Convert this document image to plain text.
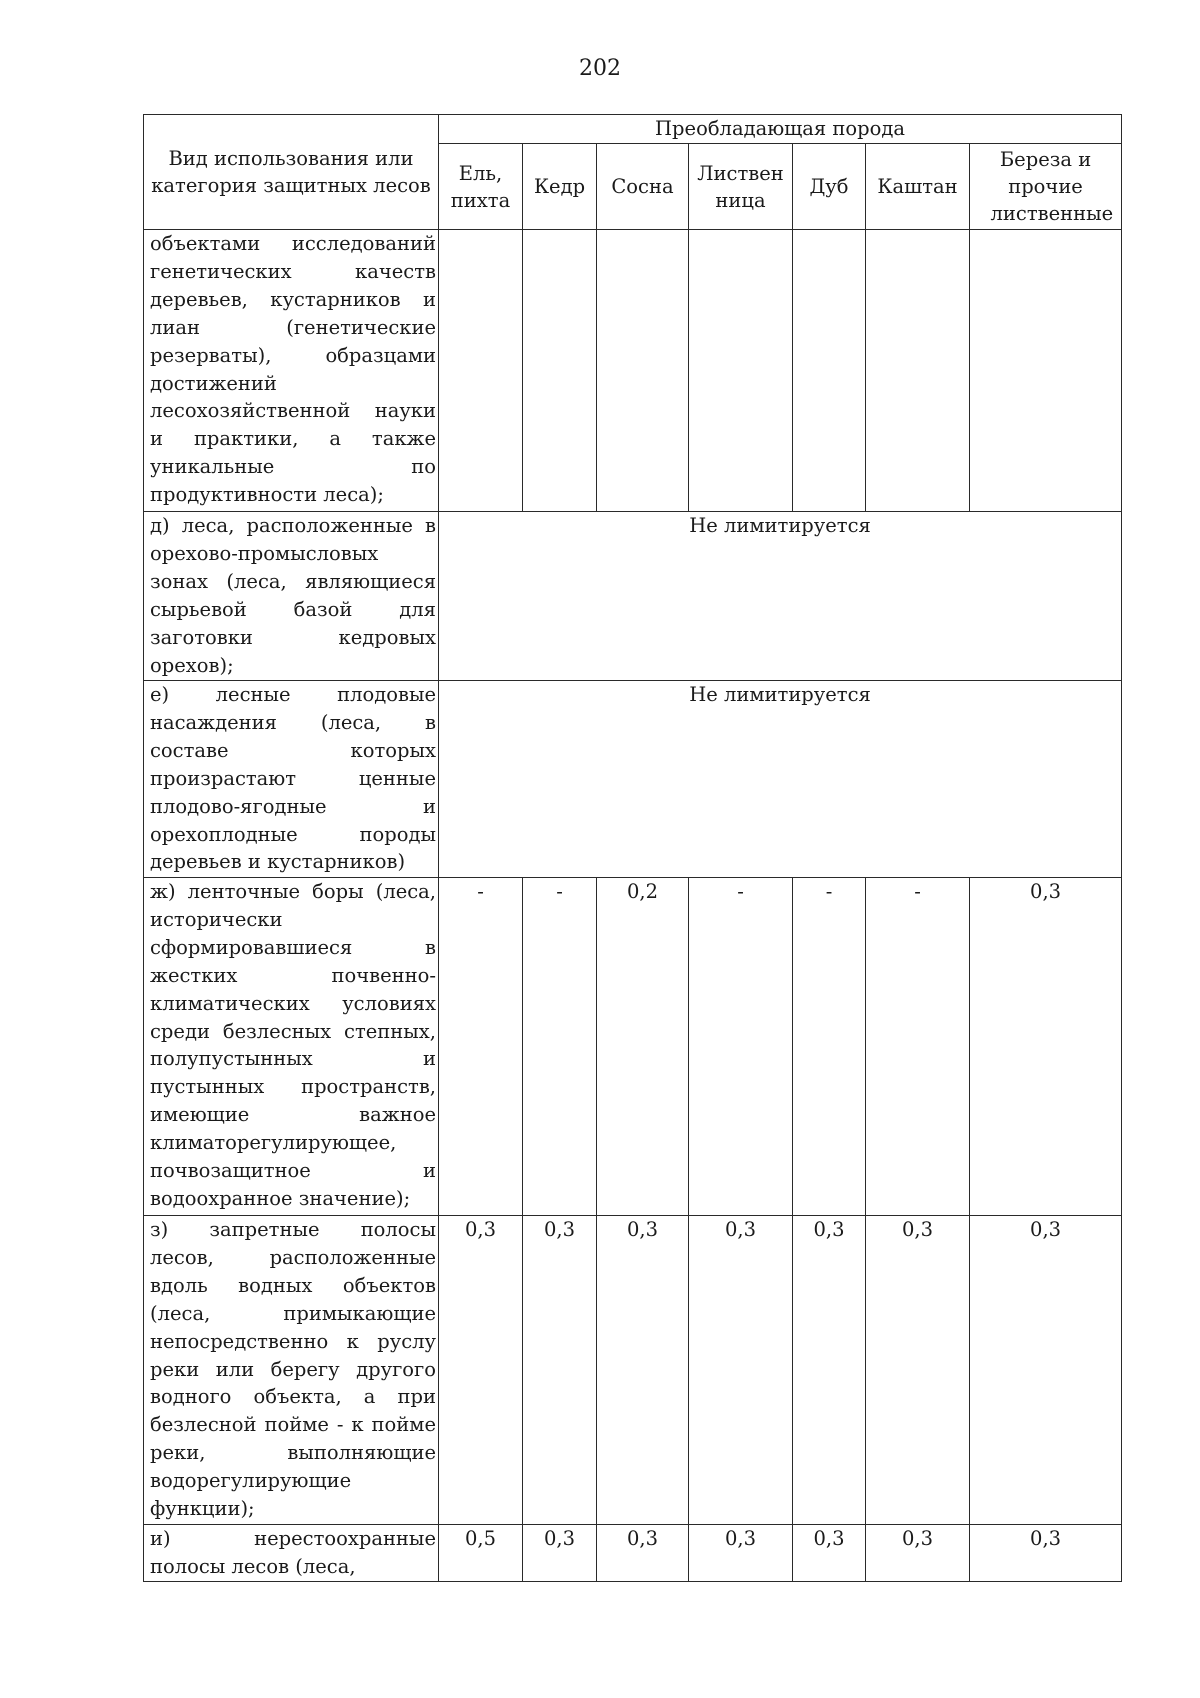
202
Вид использования или категория защитных лесов	Преобладающая порода						

	Ель, пихта	Кедр	Сосна	Листвен ница	Дуб	Каштан	Береза и прочие лиственные

объектами исследований генетических качеств деревьев, кустарников и лиан (генетические резерваты), образцами достижений лесохозяйственной науки и практики, а также уникальные по продуктивности леса);							
д) леса, расположенные в орехово-промысловых зонах (леса, являющиеся сырьевой базой для заготовки кедровых орехов);	Не лимитируется						
е) лесные плодовые насаждения (леса, в составе которых произрастают ценные плодово-ягодные и орехоплодные породы деревьев и кустарников)	Не лимитируется						
ж) ленточные боры (леса, исторически сформировавшиеся в жестких почвенно-климатических условиях среди безлесных степных, полупустынных и пустынных пространств, имеющие важное климаторегулирующее, почвозащитное и водоохранное значение);	-	-	0,2	-	-	-	0,3
з) запретные полосы лесов, расположенные вдоль водных объектов (леса, примыкающие непосредственно к руслу реки или берегу другого водного объекта, а при безлесной пойме - к пойме реки, выполняющие водорегулирующие функции);	0,3	0,3	0,3	0,3	0,3	0,3	0,3
и) нерестоохранные полосы лесов (леса,	0,5	0,3	0,3	0,3	0,3	0,3	0,3
